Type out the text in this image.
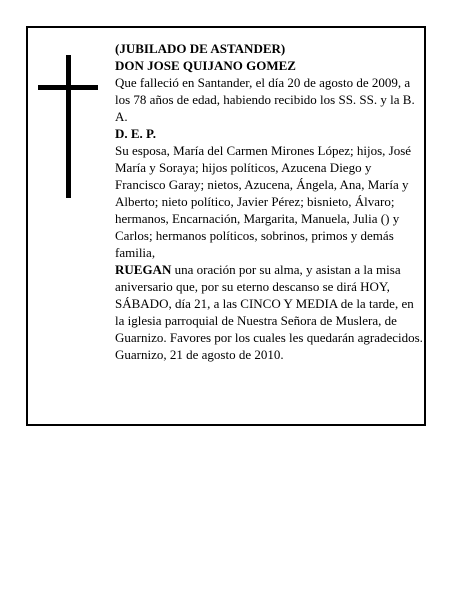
(JUBILADO DE ASTANDER)

DON JOSE QUIJANO GOMEZ

Que falleció en Santander, el día 20 de agosto de 2009, a los 78 años de edad, habiendo recibido los SS. SS. y la B. A.

D. E. P.

Su esposa, María del Carmen Mirones López; hijos, José María y Soraya; hijos políticos, Azucena Diego y Francisco Garay; nietos, Azucena, Ángela, Ana, María y Alberto; nieto político, Javier Pérez; bisnieto, Álvaro; hermanos, Encarnación, Margarita, Manuela, Julia () y Carlos; hermanos políticos, sobrinos, primos y demás familia,

RUEGAN una oración por su alma, y asistan a la misa aniversario que, por su eterno descanso se dirá HOY, SÁBADO, día 21, a las CINCO Y MEDIA de la tarde, en la iglesia parroquial de Nuestra Señora de Muslera, de Guarnizo. Favores por los cuales les quedarán agradecidos.

Guarnizo, 21 de agosto de 2010.
